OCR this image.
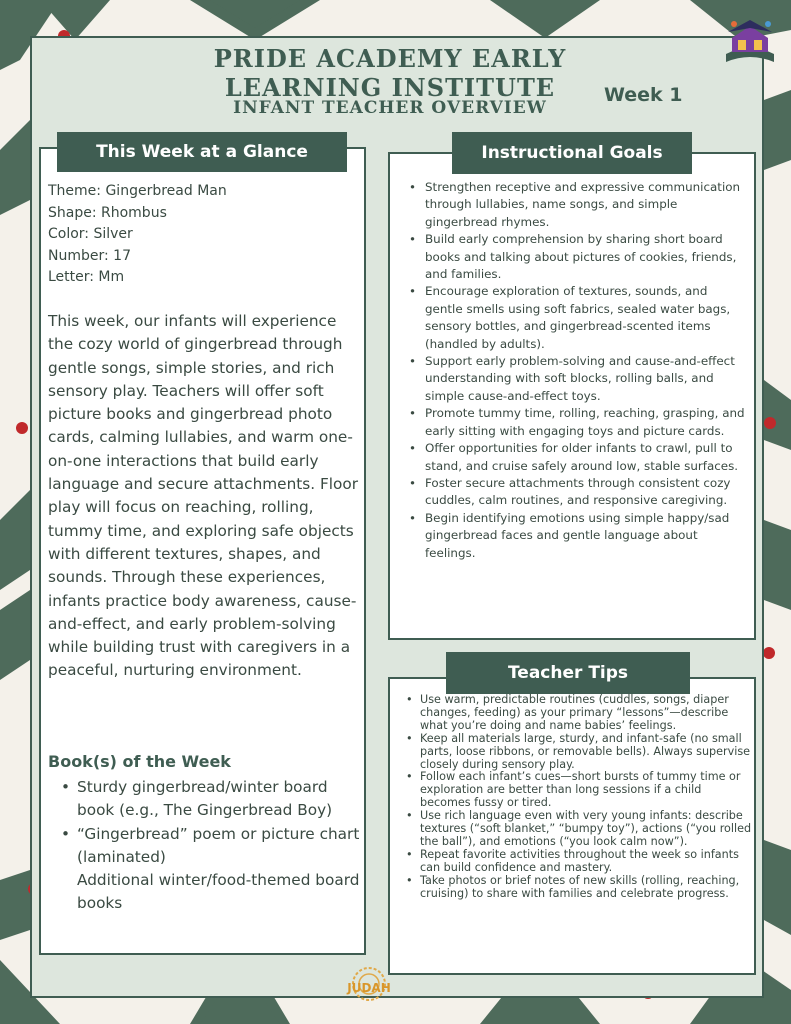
PRIDE ACADEMY EARLY
LEARNING INSTITUTE
INFANT TEACHER OVERVIEW
Week 1
This Week at a Glance
Theme: Gingerbread Man
Shape: Rhombus
Color: Silver
Number: 17
Letter: Mm
This week, our infants will experience the cozy world of gingerbread through gentle songs, simple stories, and rich sensory play. Teachers will offer soft picture books and gingerbread photo cards, calming lullabies, and warm one-on-one interactions that build early language and secure attachments. Floor play will focus on reaching, rolling, tummy time, and exploring safe objects with different textures, shapes, and sounds. Through these experiences, infants practice body awareness, cause-and-effect, and early problem-solving while building trust with caregivers in a peaceful, nurturing environment.
Book(s) of the Week
• Sturdy gingerbread/winter board book (e.g., The Gingerbread Boy)
• “Gingerbread” poem or picture chart (laminated)
Additional winter/food-themed board books
Instructional Goals
• Strengthen receptive and expressive communication through lullabies, name songs, and simple gingerbread rhymes.
• Build early comprehension by sharing short board books and talking about pictures of cookies, friends, and families.
• Encourage exploration of textures, sounds, and gentle smells using soft fabrics, sealed water bags, sensory bottles, and gingerbread-scented items (handled by adults).
• Support early problem-solving and cause-and-effect understanding with soft blocks, rolling balls, and simple cause-and-effect toys.
• Promote tummy time, rolling, reaching, grasping, and early sitting with engaging toys and picture cards.
• Offer opportunities for older infants to crawl, pull to stand, and cruise safely around low, stable surfaces.
• Foster secure attachments through consistent cozy cuddles, calm routines, and responsive caregiving.
• Begin identifying emotions using simple happy/sad gingerbread faces and gentle language about feelings.
Teacher Tips
• Use warm, predictable routines (cuddles, songs, diaper changes, feeding) as your primary “lessons”—describe what you’re doing and name babies’ feelings.
• Keep all materials large, sturdy, and infant-safe (no small parts, loose ribbons, or removable bells). Always supervise closely during sensory play.
• Follow each infant’s cues—short bursts of tummy time or exploration are better than long sessions if a child becomes fussy or tired.
• Use rich language even with very young infants: describe textures (“soft blanket,” “bumpy toy”), actions (“you rolled the ball”), and emotions (“you look calm now”).
• Repeat favorite activities throughout the week so infants can build confidence and mastery.
• Take photos or brief notes of new skills (rolling, reaching, cruising) to share with families and celebrate progress.
JUDAH
